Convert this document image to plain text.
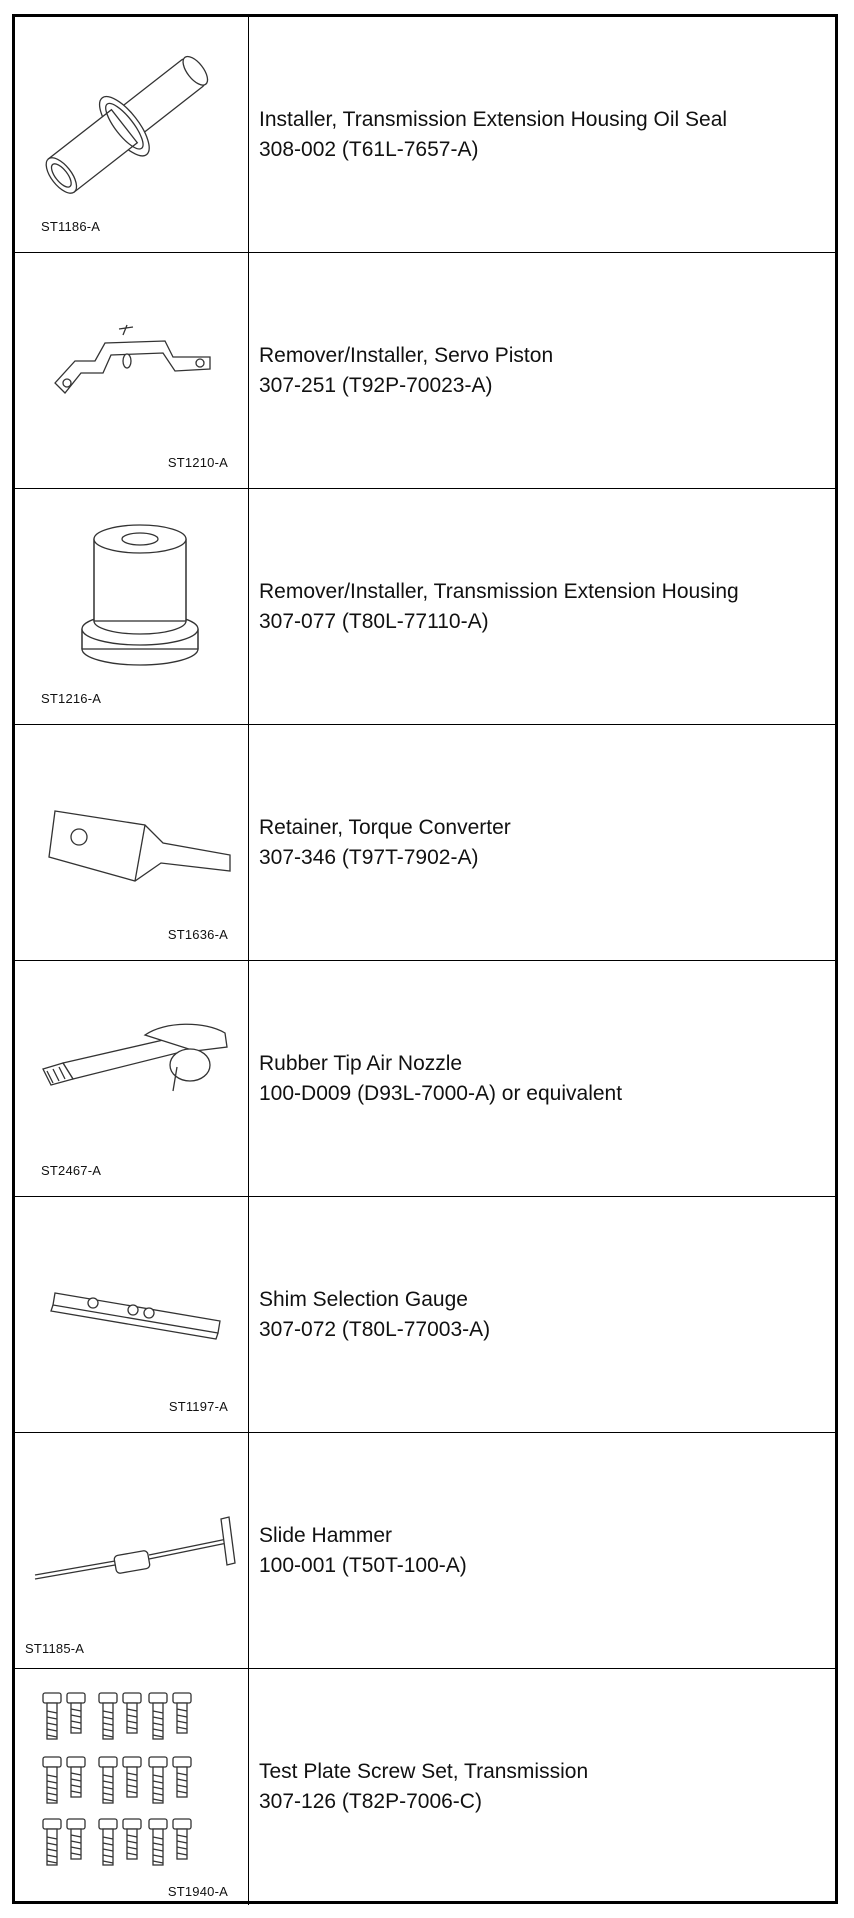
ST1186-A
Installer, Transmission Extension Housing Oil Seal
308-002 (T61L-7657-A)
ST1210-A
Remover/Installer, Servo Piston
307-251 (T92P-70023-A)
ST1216-A
Remover/Installer, Transmission Extension Housing
307-077 (T80L-77110-A)
ST1636-A
Retainer, Torque Converter
307-346 (T97T-7902-A)
ST2467-A
Rubber Tip Air Nozzle
100-D009 (D93L-7000-A) or equivalent
ST1197-A
Shim Selection Gauge
307-072 (T80L-77003-A)
ST1185-A
Slide Hammer
100-001 (T50T-100-A)
ST1940-A
Test Plate Screw Set, Transmission
307-126 (T82P-7006-C)
